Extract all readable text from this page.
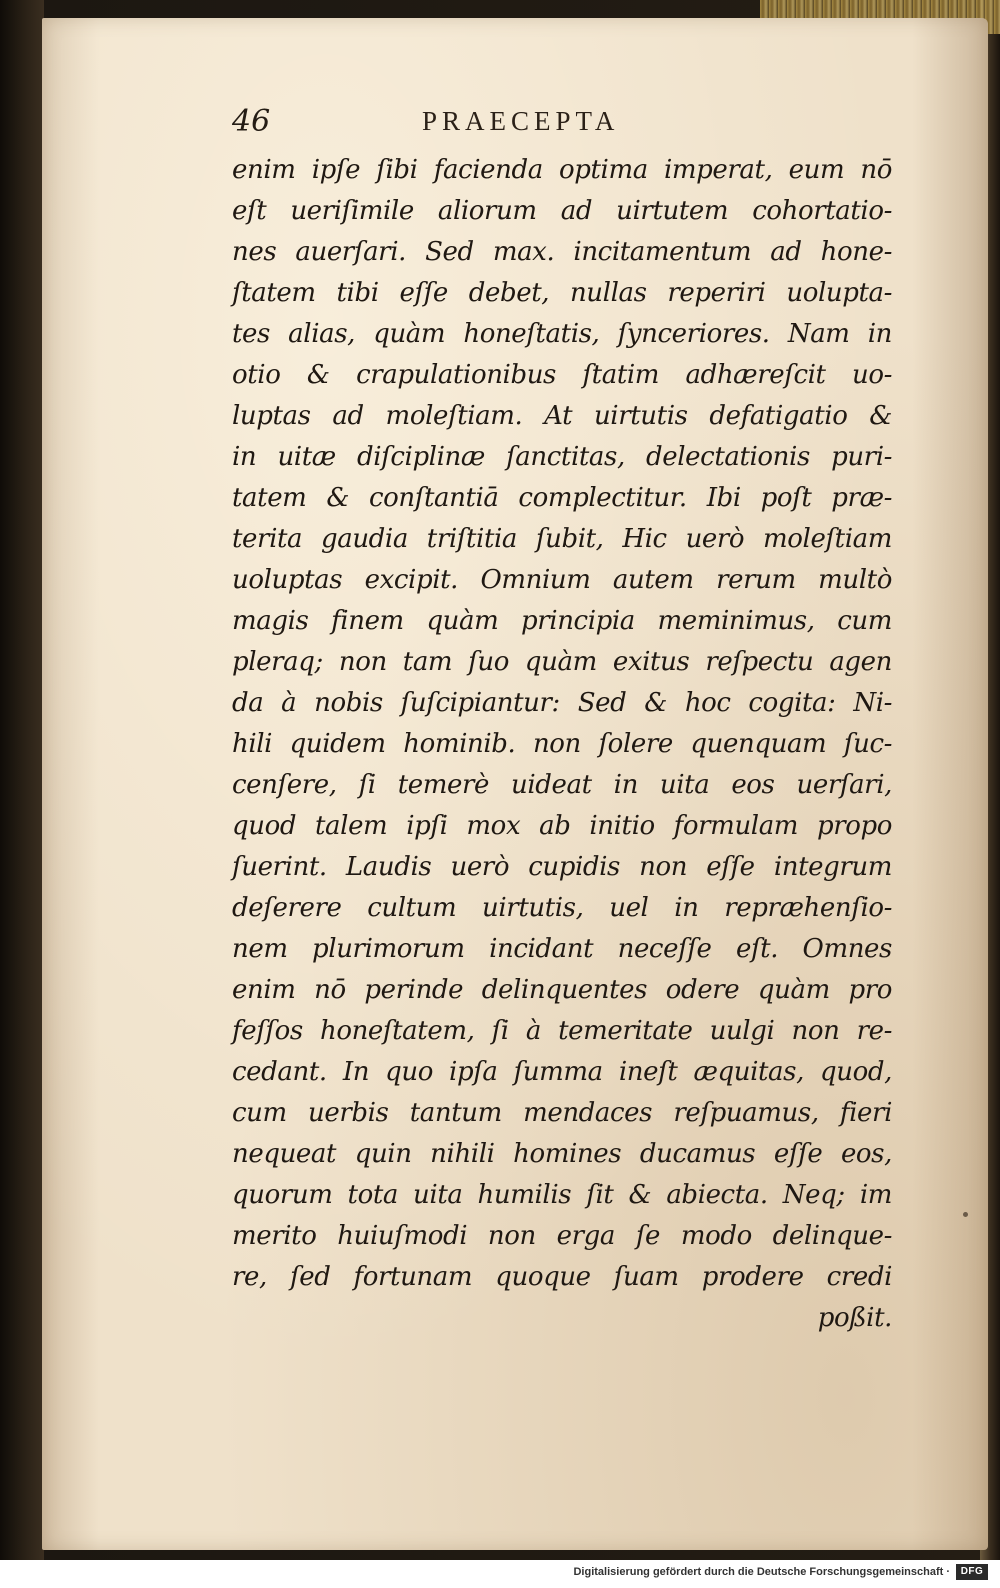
46	PRAECEPTA
enim ipſe ſibi facienda optima imperat, eum nō
eſt ueriſimile aliorum ad uirtutem cohortatio-
nes auerſari. Sed max. incitamentum ad hone-
ſtatem tibi eſſe debet, nullas reperiri uolupta-
tes alias, quàm honeſtatis, ſynceriores. Nam in
otio & crapulationibus ſtatim adhæreſcit uo-
luptas ad moleſtiam. At uirtutis defatigatio &
in uitæ diſciplinæ ſanctitas, delectationis puri-
tatem & conſtantiā complectitur. Ibi poſt præ-
terita gaudia triſtitia ſubit, Hic uerò moleſtiam
uoluptas excipit. Omnium autem rerum multò
magis finem quàm principia meminimus, cum
pleraq; non tam ſuo quàm exitus reſpectu agen
da à nobis ſuſcipiantur: Sed & hoc cogita: Ni-
hili quidem hominib. non ſolere quenquam ſuc-
cenſere, ſi temerè uideat in uita eos uerſari,
quod talem ipſi mox ab initio formulam propo
ſuerint. Laudis uerò cupidis non eſſe integrum
deſerere cultum uirtutis, uel in repræhenſio-
nem plurimorum incidant neceſſe eſt. Omnes
enim nō perinde delinquentes odere quàm pro
feſſos honeſtatem, ſi à temeritate uulgi non re-
cedant. In quo ipſa ſumma ineſt æquitas, quod,
cum uerbis tantum mendaces reſpuamus, fieri
nequeat quin nihili homines ducamus eſſe eos,
quorum tota uita humilis ſit & abiecta. Neq; im
merito huiuſmodi non erga ſe modo delinque-
re, ſed fortunam quoque ſuam prodere credi
poßit.
Digitalisierung gefördert durch die Deutsche Forschungsgemeinschaft ·	DFG
